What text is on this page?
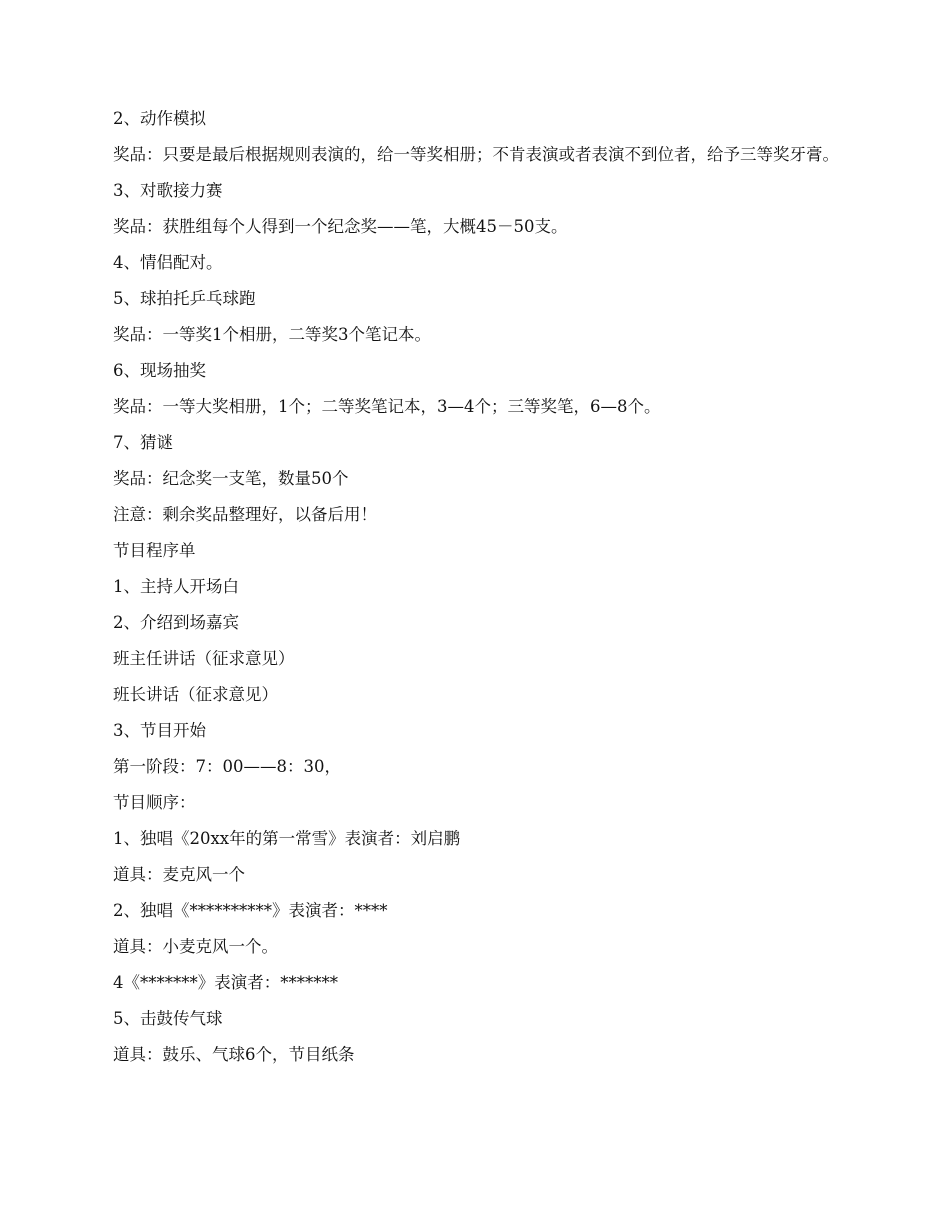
2、动作模拟

奖品：只要是最后根据规则表演的，给一等奖相册；不肯表演或者表演不到位者，给予三等奖牙膏。

3、对歌接力赛

奖品：获胜组每个人得到一个纪念奖——笔，大概45－50支。

4、情侣配对。

5、球拍托乒乓球跑

奖品：一等奖1个相册，二等奖3个笔记本。

6、现场抽奖

奖品：一等大奖相册，1个；二等奖笔记本，3—4个；三等奖笔，6—8个。

7、猜谜

奖品：纪念奖一支笔，数量50个

注意：剩余奖品整理好，以备后用！

节目程序单

1、主持人开场白

2、介绍到场嘉宾

班主任讲话（征求意见）

班长讲话（征求意见）

3、节目开始

第一阶段：7：00——8：30，

节目顺序：

1、独唱《20xx年的第一常雪》表演者：刘启鹏

道具：麦克风一个

2、独唱《**********》表演者：****

道具：小麦克风一个。

4《*******》表演者：*******

5、击鼓传气球

道具：鼓乐、气球6个，节目纸条
